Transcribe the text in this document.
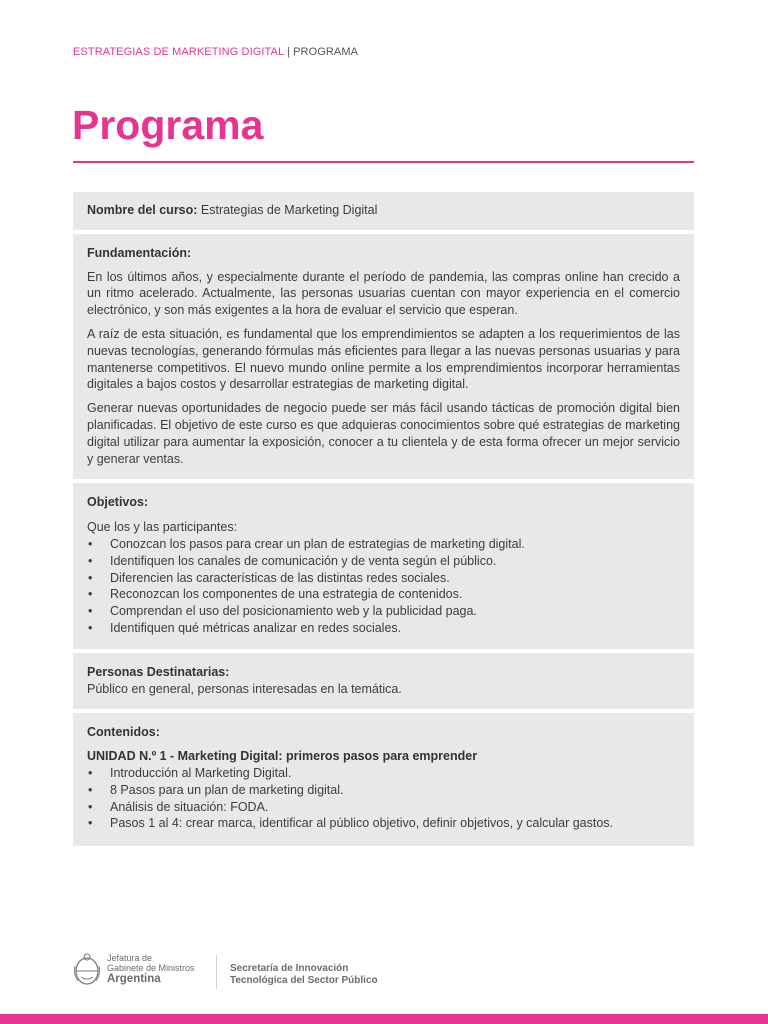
ESTRATEGIAS DE MARKETING DIGITAL | PROGRAMA
Programa
Nombre del curso: Estrategias de Marketing Digital
Fundamentación:

En los últimos años, y especialmente durante el período de pandemia, las compras online han crecido a un ritmo acelerado. Actualmente, las personas usuarias cuentan con mayor experiencia en el comercio electrónico, y son más exigentes a la hora de evaluar el servicio que esperan.

A raíz de esta situación, es fundamental que los emprendimientos se adapten a los requerimientos de las nuevas tecnologías, generando fórmulas más eficientes para llegar a las nuevas personas usuarias y para mantenerse competitivos. El nuevo mundo online permite a los emprendimientos incorporar herramientas digitales a bajos costos y desarrollar estrategias de marketing digital.

Generar nuevas oportunidades de negocio puede ser más fácil usando tácticas de promoción digital bien planificadas. El objetivo de este curso es que adquieras conocimientos sobre qué estrategias de marketing digital utilizar para aumentar la exposición, conocer a tu clientela y de esta forma ofrecer un mejor servicio y generar ventas.

Objetivos:
Que los y las participantes:
• Conozcan los pasos para crear un plan de estrategias de marketing digital.
• Identifiquen los canales de comunicación y de venta según el público.
• Diferencien las características de las distintas redes sociales.
• Reconozcan los componentes de una estrategia de contenidos.
• Comprendan el uso del posicionamiento web y la publicidad paga.
• Identifiquen qué métricas analizar en redes sociales.
Personas Destinatarias:
Público en general, personas interesadas en la temática.
Contenidos:
UNIDAD N.º 1 - Marketing Digital: primeros pasos para emprender
• Introducción al Marketing Digital.
• 8 Pasos para un plan de marketing digital.
• Análisis de situación: FODA.
• Pasos 1 al 4: crear marca, identificar al público objetivo, definir objetivos, y calcular gastos.
Jefatura de
Gabinete de Ministros
Argentina
Secretaría de Innovación
Tecnológica del Sector Público
